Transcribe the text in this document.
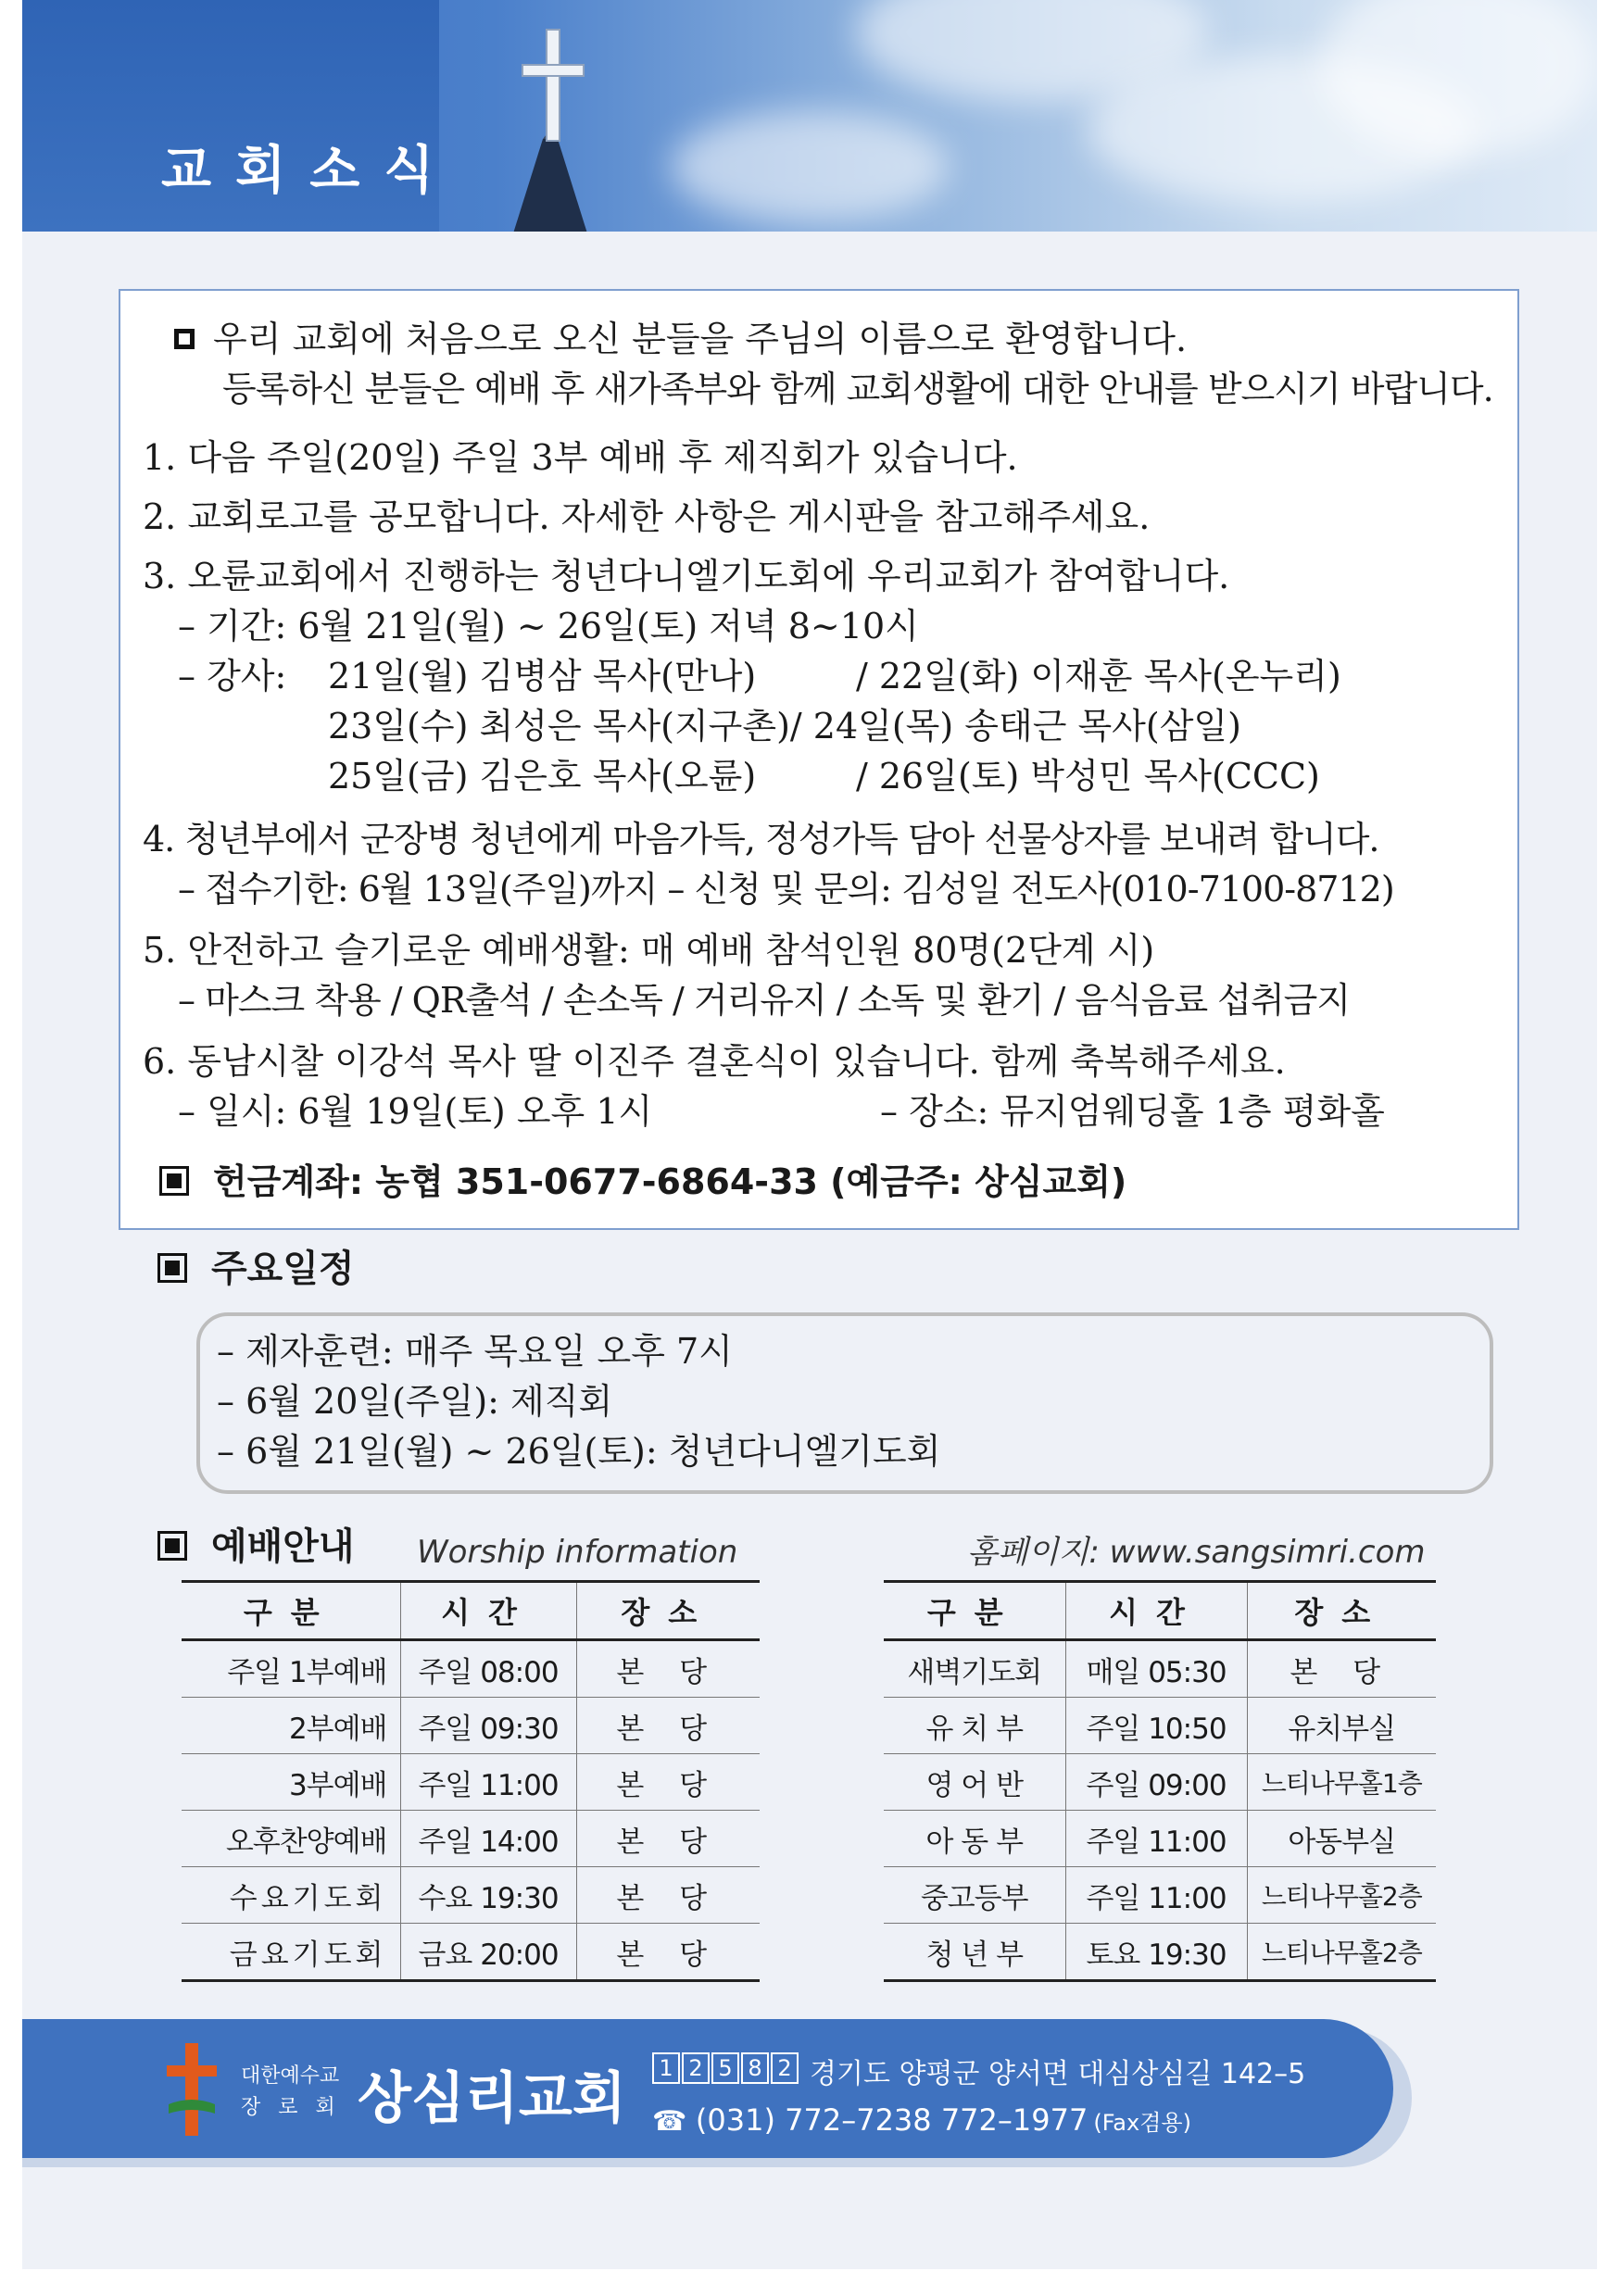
교회소식
우리 교회에 처음으로 오신 분들을 주님의 이름으로 환영합니다.
등록하신 분들은 예배 후 새가족부와 함께 교회생활에 대한 안내를 받으시기 바랍니다.
1. 다음 주일(20일) 주일 3부 예배 후 제직회가 있습니다.
2. 교회로고를 공모합니다. 자세한 사항은 게시판을 참고해주세요.
3. 오륜교회에서 진행하는 청년다니엘기도회에 우리교회가 참여합니다.
– 기간: 6월 21일(월) ~ 26일(토) 저녁 8~10시
– 강사: 21일(월) 김병삼 목사(만나)	/ 22일(화) 이재훈 목사(온누리)
23일(수) 최성은 목사(지구촌)/ 24일(목) 송태근 목사(삼일)
25일(금) 김은호 목사(오륜)	/ 26일(토) 박성민 목사(CCC)
4. 청년부에서 군장병 청년에게 마음가득, 정성가득 담아 선물상자를 보내려 합니다.
– 접수기한: 6월 13일(주일)까지 – 신청 및 문의: 김성일 전도사(010-7100-8712)
5. 안전하고 슬기로운 예배생활: 매 예배 참석인원 80명(2단계 시)
– 마스크 착용 / QR출석 / 손소독 / 거리유지 / 소독 및 환기 / 음식음료 섭취금지
6. 동남시찰 이강석 목사 딸 이진주 결혼식이 있습니다. 함께 축복해주세요.
– 일시: 6월 19일(토) 오후 1시	– 장소: 뮤지엄웨딩홀 1층 평화홀
헌금계좌: 농협 351-0677-6864-33 (예금주: 상심교회)
주요일정
– 제자훈련: 매주 목요일 오후 7시
– 6월 20일(주일): 제직회
– 6월 21일(월) ~ 26일(토): 청년다니엘기도회
예배안내 Worship information	홈페이지: www.sangsimri.com
구분	시간	장소
주일 1부예배	주일 08:00	본 당
2부예배	주일 09:30	본 당
3부예배	주일 11:00	본 당
오후찬양예배	주일 14:00	본 당
수요기도회	수요 19:30	본 당
금요기도회	금요 20:00	본 당
구분	시간	장소
새벽기도회	매일 05:30	본 당
유 치 부	주일 10:50	유치부실
영 어 반	주일 09:00	느티나무홀1층
아 동 부	주일 11:00	아동부실
중고등부	주일 11:00	느티나무홀2층
청 년 부	토요 19:30	느티나무홀2층
대한예수교
장 로 회 상심리교회	1 2 5 8 2 경기도 양평군 양서면 대심상심길 142–5
☎ (031) 772–7238 772–1977 (Fax겸용)
